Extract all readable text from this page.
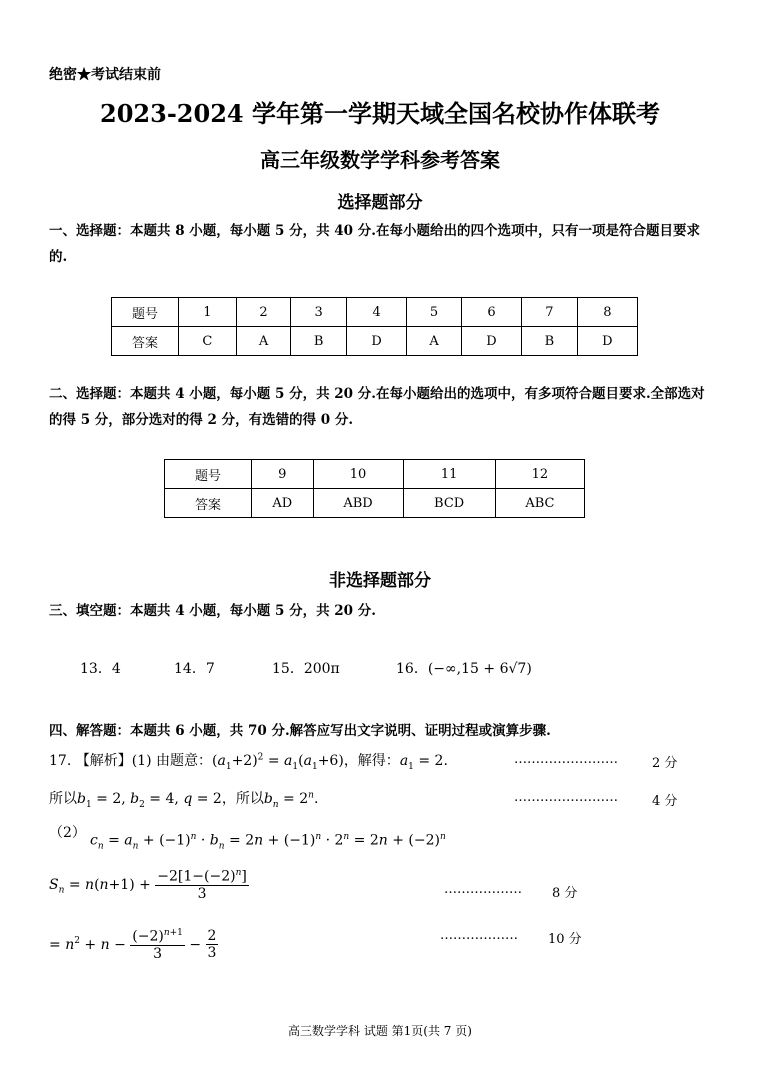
绝密★考试结束前
2023-2024 学年第一学期天域全国名校协作体联考
高三年级数学学科参考答案
选择题部分
一、选择题：本题共 8 小题，每小题 5 分，共 40 分.在每小题给出的四个选项中，只有一项是符合题目要求的.
题号	1	2	3	4	5	6	7	8
答案	C	A	B	D	A	D	B	D
二、选择题：本题共 4 小题，每小题 5 分，共 20 分.在每小题给出的选项中，有多项符合题目要求.全部选对的得 5 分，部分选对的得 2 分，有选错的得 0 分.
题号	9	10	11	12
答案	AD	ABD	BCD	ABC
非选择题部分
三、填空题：本题共 4 小题，每小题 5 分，共 20 分.
13．4	14．7	15．200π	16．(−∞,15 + 6√7)
四、解答题：本题共 6 小题，共 70 分.解答应写出文字说明、证明过程或演算步骤.
17. 【解析】(1) 由题意：$(a_1+2)^2 = a_1(a_1+6)$，解得：$a_1 = 2$.	……………………	2 分
所以$b_1 = 2$, $b_2 = 4$, q = 2，所以$b_n = 2^n$.	……………………	4 分
（2） $c_n = a_n + (-1)^n \cdot b_n = 2n + (-1)^n \cdot 2^n = 2n + (-2)^n$
$S_n = n(n+1) + \frac{-2[1-(-2)^n]}{3}$	……………… 8 分
= $n^2 + n - \frac{(-2)^{n+1}}{3} - \frac{2}{3}$	……………… 10 分
高三数学学科 试题 第1页(共 7 页)
